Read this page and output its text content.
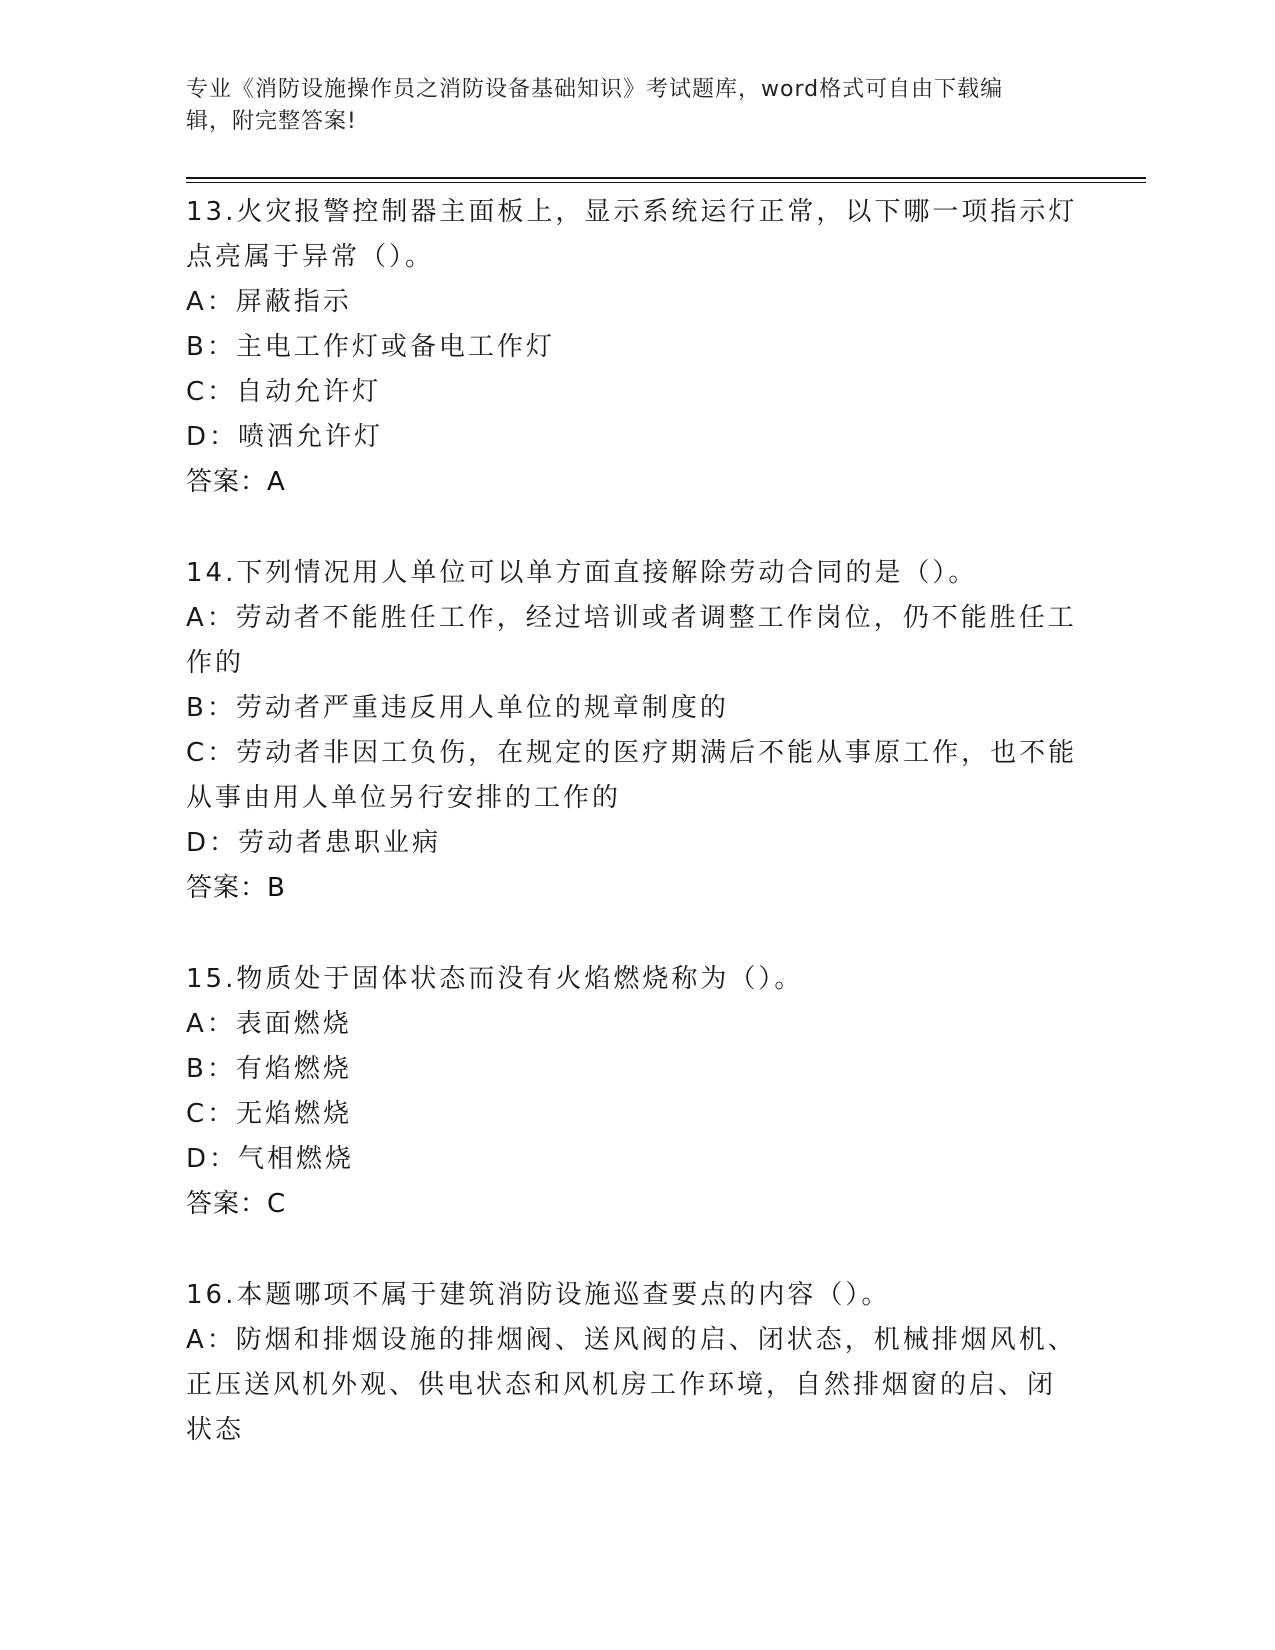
专业《消防设施操作员之消防设备基础知识》考试题库，word格式可自由下载编
辑，附完整答案!

13.火灾报警控制器主面板上，显示系统运行正常，以下哪一项指示灯

点亮属于异常（）。

A：屏蔽指示

B：主电工作灯或备电工作灯

C：自动允许灯

D：喷洒允许灯

答案：A

14.下列情况用人单位可以单方面直接解除劳动合同的是（）。

A：劳动者不能胜任工作，经过培训或者调整工作岗位，仍不能胜任工

作的

B：劳动者严重违反用人单位的规章制度的

C：劳动者非因工负伤，在规定的医疗期满后不能从事原工作，也不能

从事由用人单位另行安排的工作的

D：劳动者患职业病

答案：B

15.物质处于固体状态而没有火焰燃烧称为（）。

A：表面燃烧

B：有焰燃烧

C：无焰燃烧

D：气相燃烧

答案：C

16.本题哪项不属于建筑消防设施巡查要点的内容（）。

A：防烟和排烟设施的排烟阀、送风阀的启、闭状态，机械排烟风机、

正压送风机外观、供电状态和风机房工作环境，自然排烟窗的启、闭

状态
